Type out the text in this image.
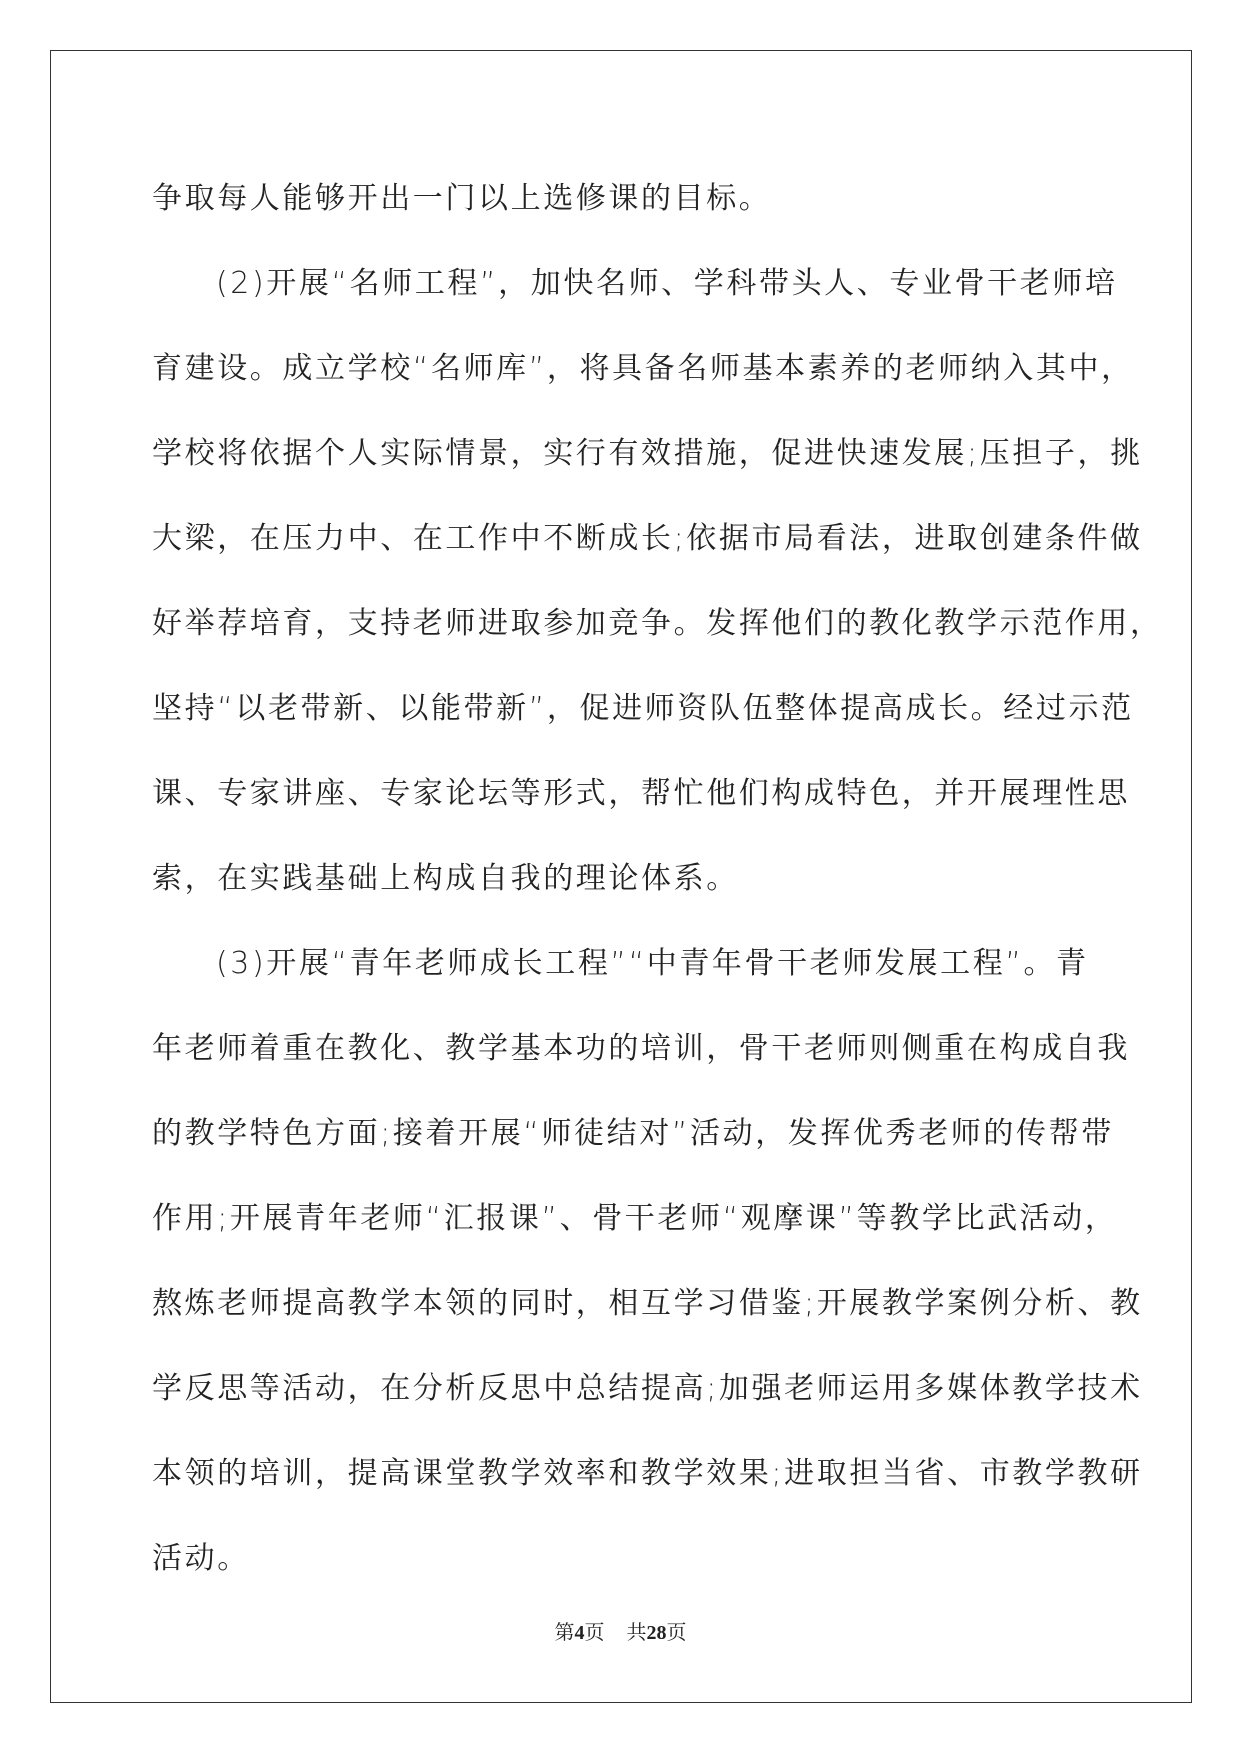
争取每人能够开出一门以上选修课的目标。
(2)开展“名师工程”，加快名师、学科带头人、专业骨干老师培
育建设。成立学校“名师库”，将具备名师基本素养的老师纳入其中，
学校将依据个人实际情景，实行有效措施，促进快速发展;压担子，挑
大梁，在压力中、在工作中不断成长;依据市局看法，进取创建条件做
好举荐培育，支持老师进取参加竞争。发挥他们的教化教学示范作用，
坚持“以老带新、以能带新”，促进师资队伍整体提高成长。经过示范
课、专家讲座、专家论坛等形式，帮忙他们构成特色，并开展理性思
索，在实践基础上构成自我的理论体系。
(3)开展“青年老师成长工程”“中青年骨干老师发展工程”。青
年老师着重在教化、教学基本功的培训，骨干老师则侧重在构成自我
的教学特色方面;接着开展“师徒结对”活动，发挥优秀老师的传帮带
作用;开展青年老师“汇报课”、骨干老师“观摩课”等教学比武活动，
熬炼老师提高教学本领的同时，相互学习借鉴;开展教学案例分析、教
学反思等活动，在分析反思中总结提高;加强老师运用多媒体教学技术
本领的培训，提高课堂教学效率和教学效果;进取担当省、市教学教研
活动。
第4页 共28页
